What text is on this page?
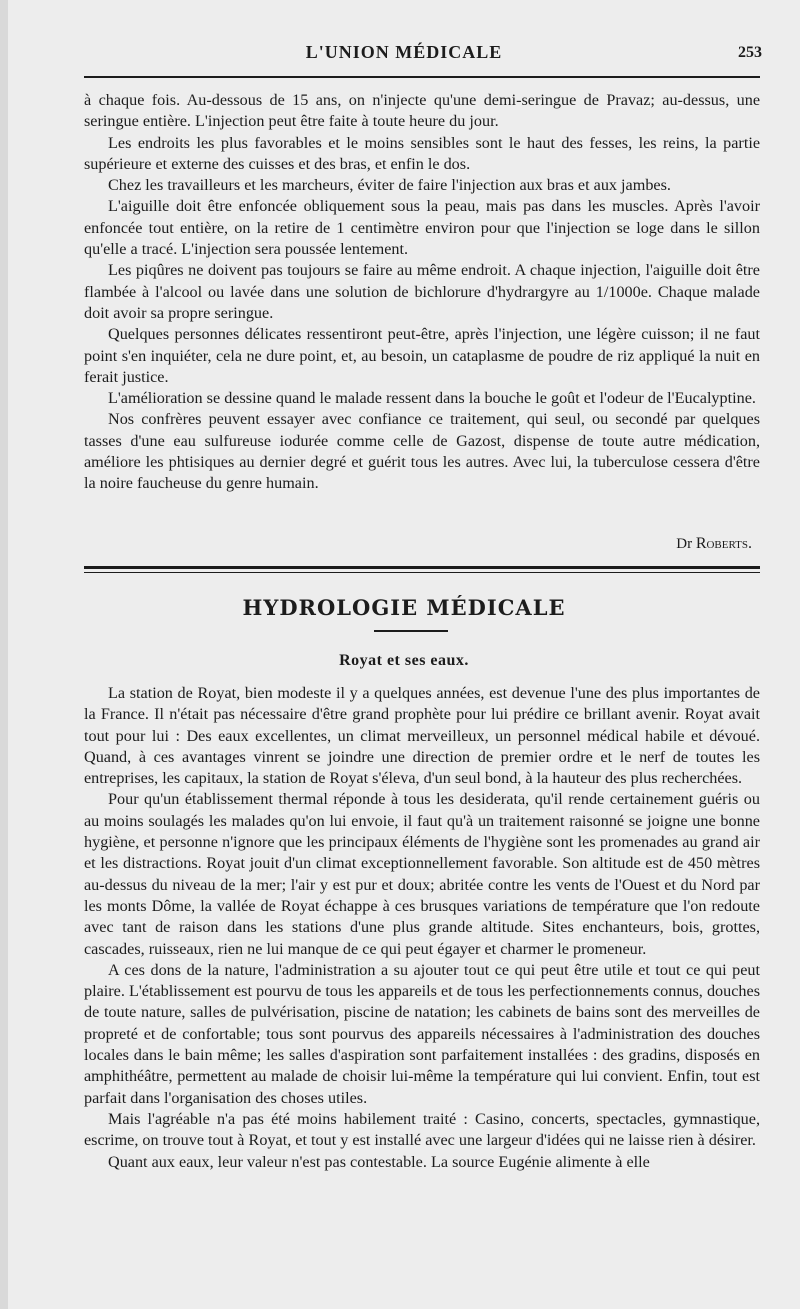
L'UNION MÉDICALE	253

à chaque fois. Au-dessous de 15 ans, on n'injecte qu'une demi-seringue de Pravaz; au-dessus, une seringue entière. L'injection peut être faite à toute heure du jour.

Les endroits les plus favorables et le moins sensibles sont le haut des fesses, les reins, la partie supérieure et externe des cuisses et des bras, et enfin le dos.

Chez les travailleurs et les marcheurs, éviter de faire l'injection aux bras et aux jambes.

L'aiguille doit être enfoncée obliquement sous la peau, mais pas dans les muscles. Après l'avoir enfoncée tout entière, on la retire de 1 centimètre environ pour que l'injection se loge dans le sillon qu'elle a tracé. L'injection sera poussée lentement.

Les piqûres ne doivent pas toujours se faire au même endroit. A chaque injection, l'aiguille doit être flambée à l'alcool ou lavée dans une solution de bichlorure d'hydrargyre au 1/1000e. Chaque malade doit avoir sa propre seringue.

Quelques personnes délicates ressentiront peut-être, après l'injection, une légère cuisson; il ne faut point s'en inquiéter, cela ne dure point, et, au besoin, un cataplasme de poudre de riz appliqué la nuit en ferait justice.

L'amélioration se dessine quand le malade ressent dans la bouche le goût et l'odeur de l'Eucalyptine.

Nos confrères peuvent essayer avec confiance ce traitement, qui seul, ou secondé par quelques tasses d'une eau sulfureuse iodurée comme celle de Gazost, dispense de toute autre médication, améliore les phtisiques au dernier degré et guérit tous les autres. Avec lui, la tuberculose cessera d'être la noire faucheuse du genre humain.

Dr Roberts.
HYDROLOGIE MÉDICALE
Royat et ses eaux.

La station de Royat, bien modeste il y a quelques années, est devenue l'une des plus importantes de la France. Il n'était pas nécessaire d'être grand prophète pour lui prédire ce brillant avenir. Royat avait tout pour lui : Des eaux excellentes, un climat merveilleux, un personnel médical habile et dévoué. Quand, à ces avantages vinrent se joindre une direction de premier ordre et le nerf de toutes les entreprises, les capitaux, la station de Royat s'éleva, d'un seul bond, à la hauteur des plus recherchées.

Pour qu'un établissement thermal réponde à tous les desiderata, qu'il rende certainement guéris ou au moins soulagés les malades qu'on lui envoie, il faut qu'à un traitement raisonné se joigne une bonne hygiène, et personne n'ignore que les principaux éléments de l'hygiène sont les promenades au grand air et les distractions. Royat jouit d'un climat exceptionnellement favorable. Son altitude est de 450 mètres au-dessus du niveau de la mer; l'air y est pur et doux; abritée contre les vents de l'Ouest et du Nord par les monts Dôme, la vallée de Royat échappe à ces brusques variations de température que l'on redoute avec tant de raison dans les stations d'une plus grande altitude. Sites enchanteurs, bois, grottes, cascades, ruisseaux, rien ne lui manque de ce qui peut égayer et charmer le promeneur.

A ces dons de la nature, l'administration a su ajouter tout ce qui peut être utile et tout ce qui peut plaire. L'établissement est pourvu de tous les appareils et de tous les perfectionnements connus, douches de toute nature, salles de pulvérisation, piscine de natation; les cabinets de bains sont des merveilles de propreté et de confortable; tous sont pourvus des appareils nécessaires à l'administration des douches locales dans le bain même; les salles d'aspiration sont parfaitement installées : des gradins, disposés en amphithéâtre, permettent au malade de choisir lui-même la température qui lui convient. Enfin, tout est parfait dans l'organisation des choses utiles.

Mais l'agréable n'a pas été moins habilement traité : Casino, concerts, spectacles, gymnastique, escrime, on trouve tout à Royat, et tout y est installé avec une largeur d'idées qui ne laisse rien à désirer.

Quant aux eaux, leur valeur n'est pas contestable. La source Eugénie alimente à elle
